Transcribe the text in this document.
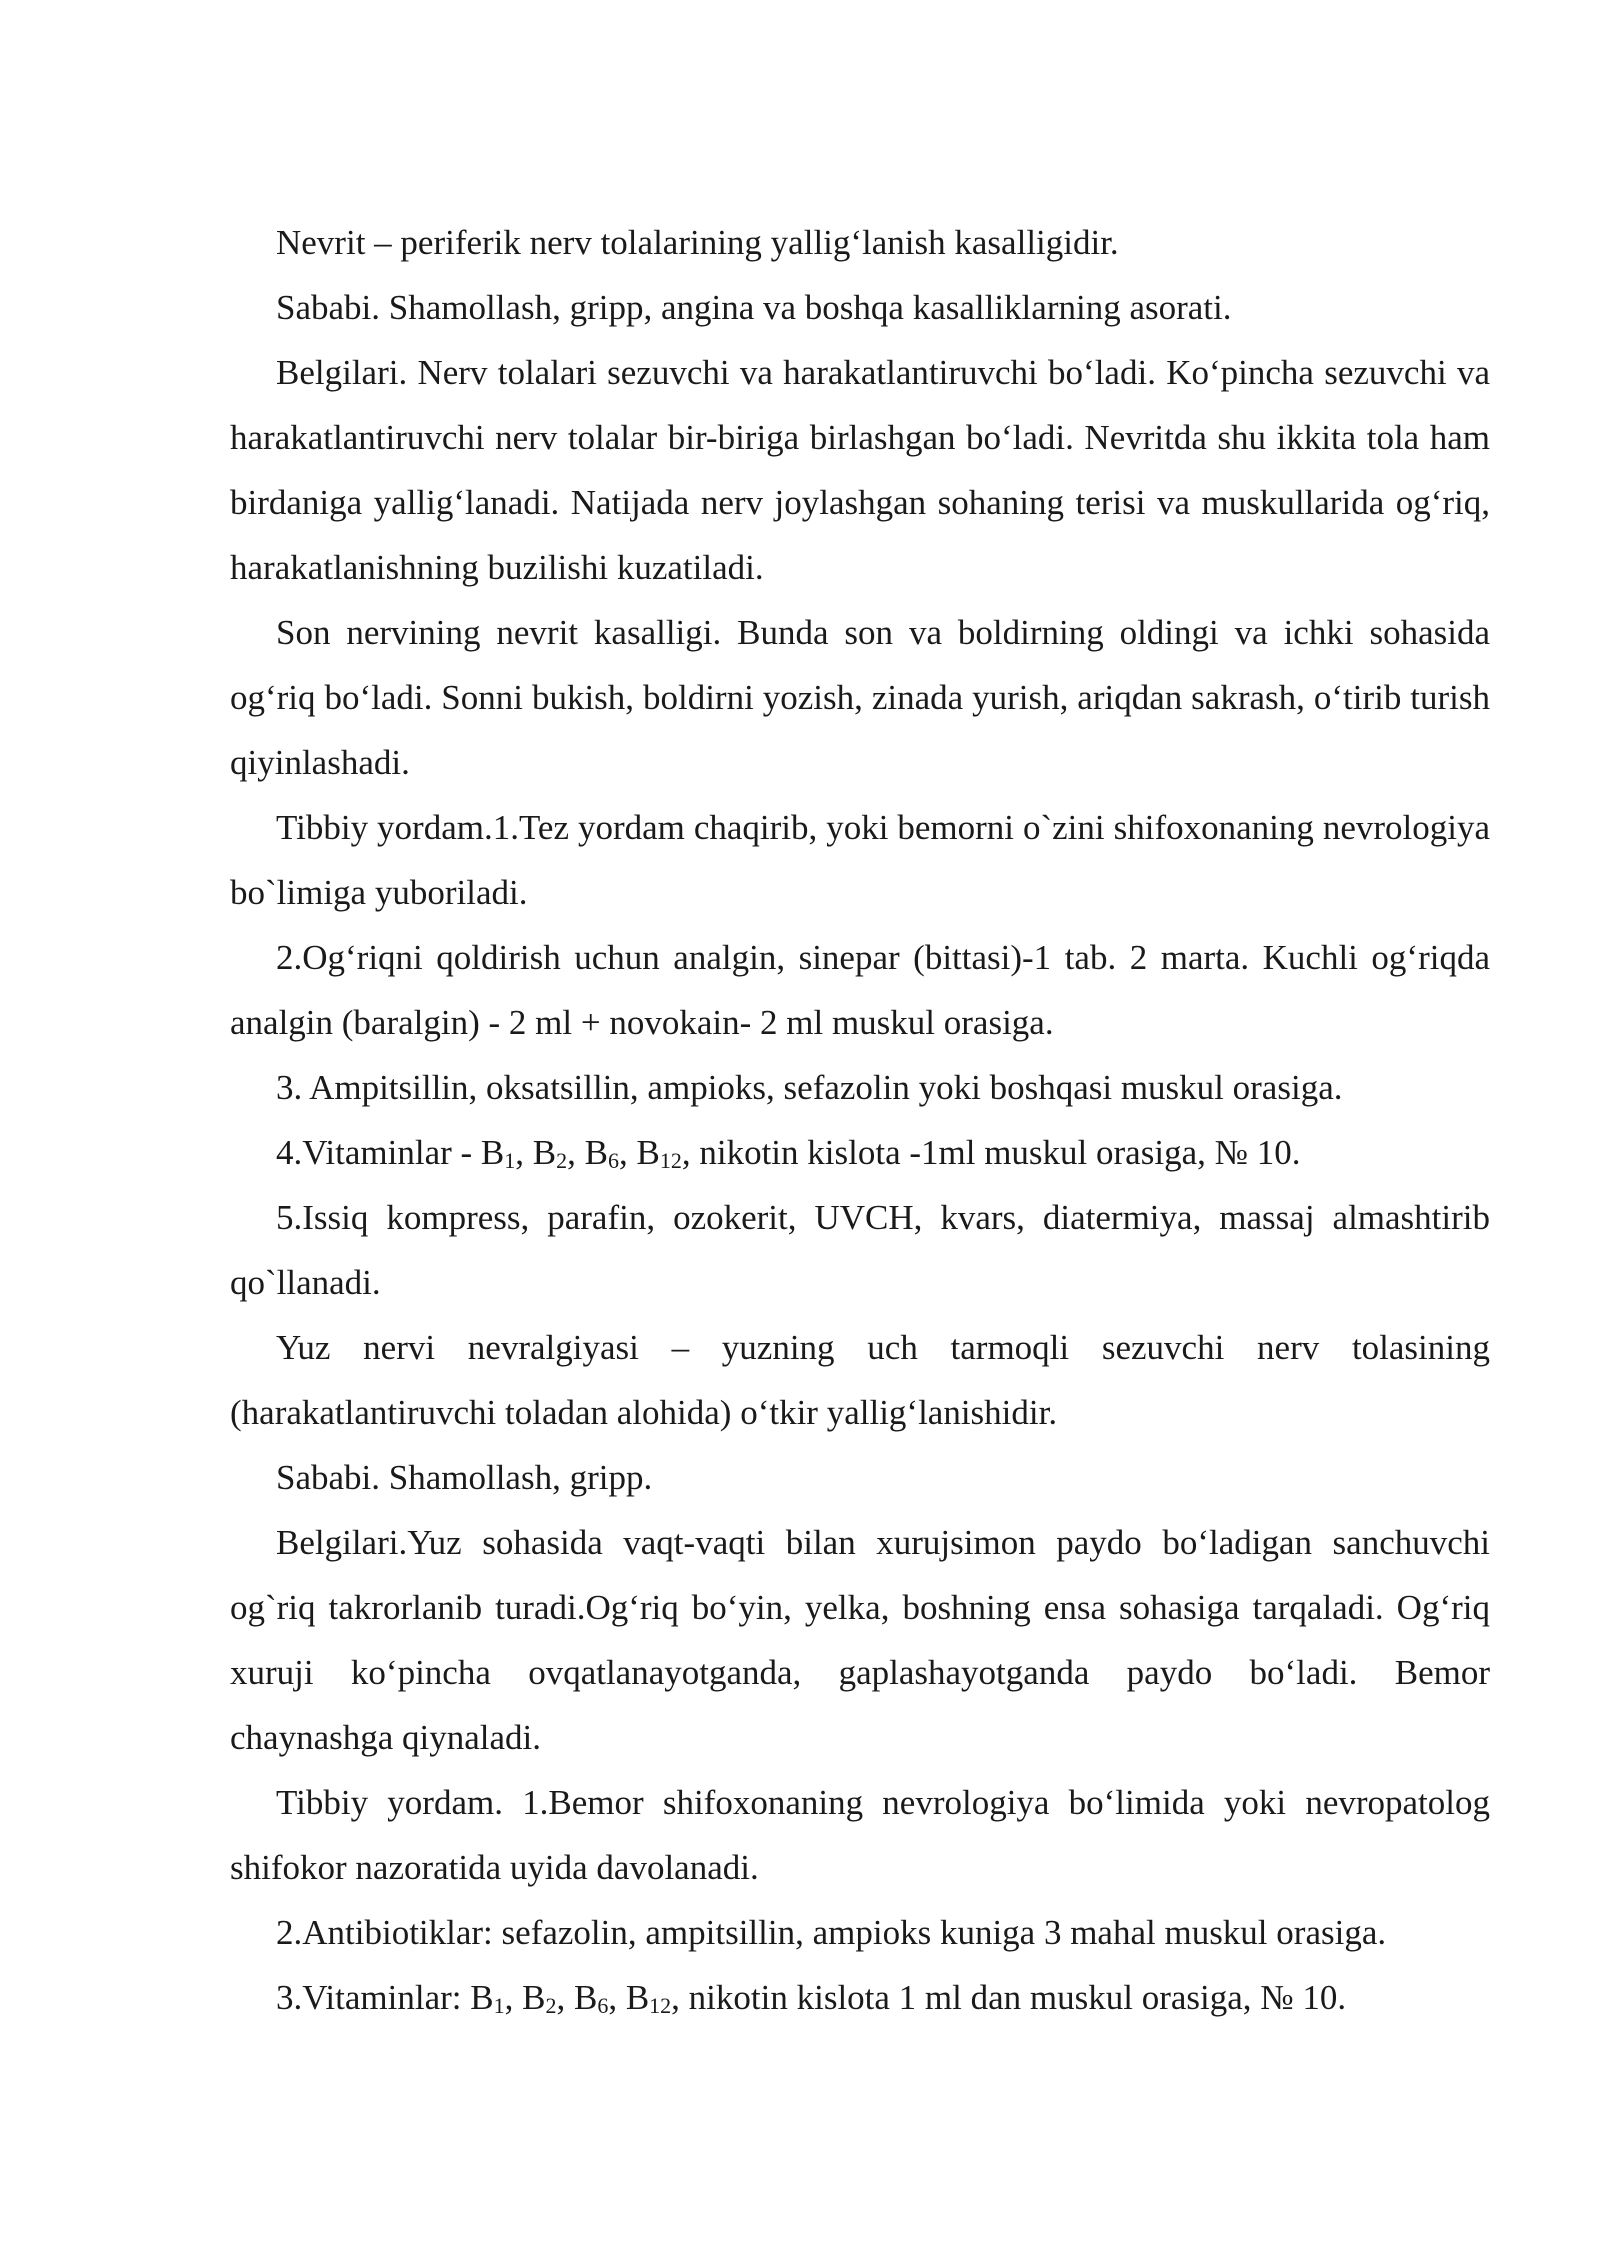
Nevrit – periferik nerv tolalarining yallig‘lanish kasalligidir.

Sababi. Shamollash, gripp, angina va boshqa kasalliklarning asorati.

Belgilari. Nerv tolalari sezuvchi va harakatlantiruvchi bo‘ladi. Ko‘pincha sezuvchi va harakatlantiruvchi nerv tolalar bir-biriga birlashgan bo‘ladi. Nevritda shu ikkita tola ham birdaniga yallig‘lanadi. Natijada nerv joylashgan sohaning terisi va muskullarida og‘riq, harakatlanishning buzilishi kuzatiladi.

Son nervining nevrit kasalligi. Bunda son va boldirning oldingi va ichki sohasida og‘riq bo‘ladi. Sonni bukish, boldirni yozish, zinada yurish, ariqdan sakrash, o‘tirib turish qiyinlashadi.

Tibbiy yordam.1.Tez yordam chaqirib, yoki bemorni o`zini shifoxonaning nevrologiya bo`limiga yuboriladi.

2.Og‘riqni qoldirish uchun analgin, sinepar (bittasi)-1 tab. 2 marta. Kuchli og‘riqda analgin (baralgin) - 2 ml + novokain- 2 ml muskul orasiga.

3. Ampitsillin, oksatsillin, ampioks, sefazolin yoki boshqasi muskul orasiga.

4.Vitaminlar - $B_1$, $B_2$, $B_6$, $B_{12}$, nikotin kislota -1ml muskul orasiga, № 10.

5.Issiq kompress, parafin, ozokerit, UVCH, kvars, diatermiya, massaj almashtirib qo`llanadi.

Yuz nervi nevralgiyasi – yuzning uch tarmoqli sezuvchi nerv tolasining (harakatlantiruvchi toladan alohida) o‘tkir yallig‘lanishidir.

Sababi. Shamollash, gripp.

Belgilari.Yuz sohasida vaqt-vaqti bilan xurujsimon paydo bo‘ladigan sanchuvchi og`riq takrorlanib turadi.Og‘riq bo‘yin, yelka, boshning ensa sohasiga tarqaladi. Og‘riq xuruji ko‘pincha ovqatlanayotganda, gaplashayotganda paydo bo‘ladi. Bemor chaynashga qiynaladi.

Tibbiy yordam. 1.Bemor shifoxonaning nevrologiya bo‘limida yoki nevropatolog shifokor nazoratida uyida davolanadi.

2.Antibiotiklar: sefazolin, ampitsillin, ampioks kuniga 3 mahal muskul orasiga.

3.Vitaminlar: $B_1$, $B_2$, $B_6$, $B_{12}$, nikotin kislota 1 ml dan muskul orasiga, № 10.
